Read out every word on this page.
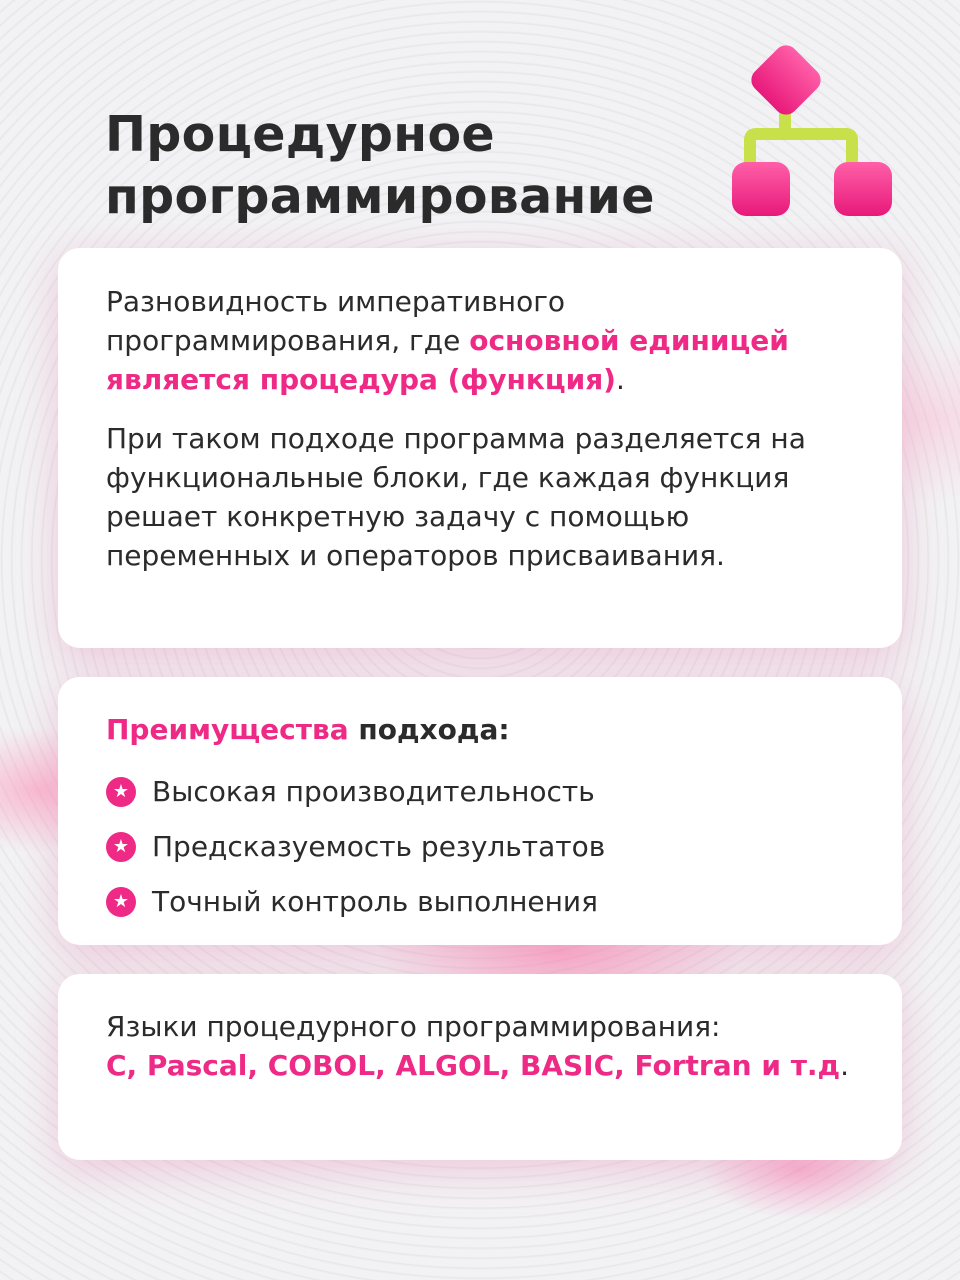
Процедурное
программирование

Разновидность императивного программирования, где основной единицей является процедура (функция).

При таком подходе программа разделяется на функциональные блоки, где каждая функция решает конкретную задачу с помощью переменных и операторов присваивания.

Преимущества подхода:
★ Высокая производительность
★ Предсказуемость результатов
★ Точный контроль выполнения

Языки процедурного программирования:
C, Pascal, COBOL, ALGOL, BASIC, Fortran и т.д.
